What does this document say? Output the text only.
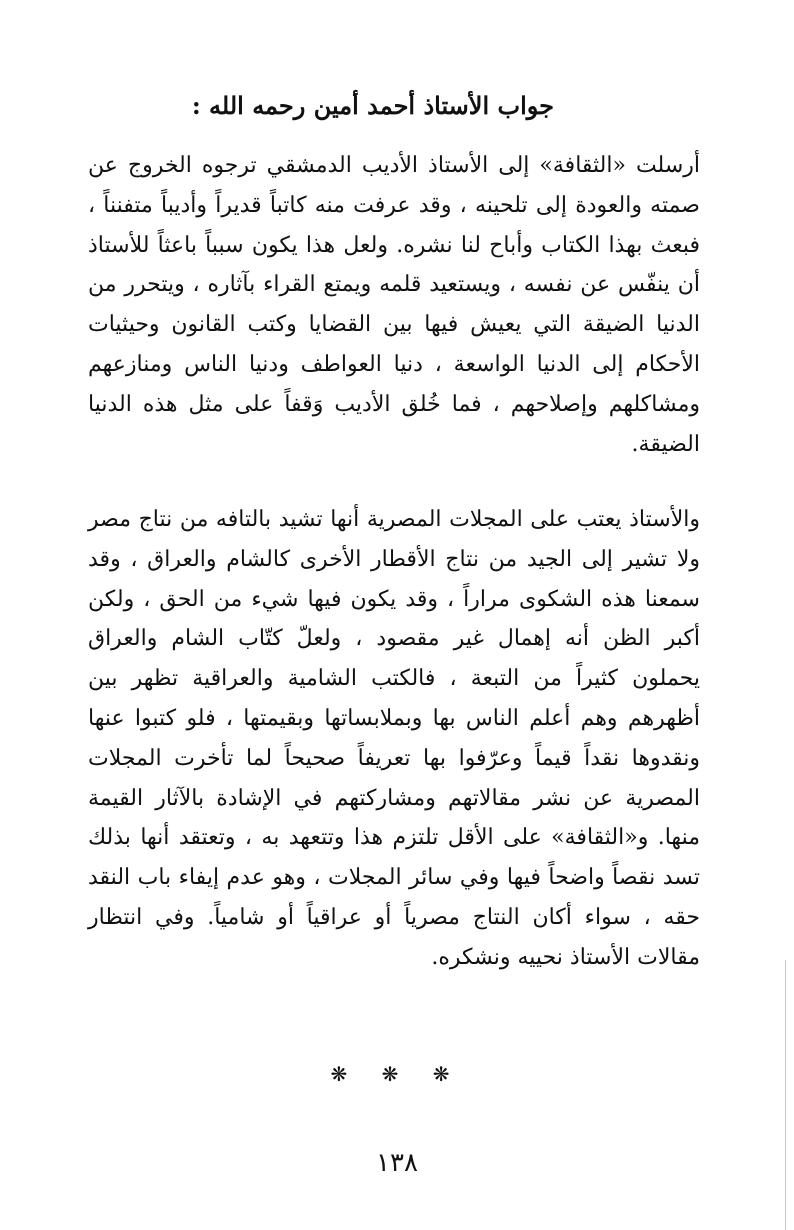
جواب الأستاذ أحمد أمين رحمه الله :

أرسلت «الثقافة» إلى الأستاذ الأديب الدمشقي ترجوه الخروج عن صمته والعودة إلى تلحينه ، وقد عرفت منه كاتباً قديراً وأديباً متفنناً ، فبعث بهذا الكتاب وأباح لنا نشره. ولعل هذا يكون سبباً باعثاً للأستاذ أن ينفّس عن نفسه ، ويستعيد قلمه ويمتع القراء بآثاره ، ويتحرر من الدنيا الضيقة التي يعيش فيها بين القضايا وكتب القانون وحيثيات الأحكام إلى الدنيا الواسعة ، دنيا العواطف ودنيا الناس ومنازعهم ومشاكلهم وإصلاحهم ، فما خُلق الأديب وَقفاً على مثل هذه الدنيا الضيقة.

والأستاذ يعتب على المجلات المصرية أنها تشيد بالتافه من نتاج مصر ولا تشير إلى الجيد من نتاج الأقطار الأخرى كالشام والعراق ، وقد سمعنا هذه الشكوى مراراً ، وقد يكون فيها شيء من الحق ، ولكن أكبر الظن أنه إهمال غير مقصود ، ولعلّ كتّاب الشام والعراق يحملون كثيراً من التبعة ، فالكتب الشامية والعراقية تظهر بين أظهرهم وهم أعلم الناس بها وبملابساتها وبقيمتها ، فلو كتبوا عنها ونقدوها نقداً قيماً وعرّفوا بها تعريفاً صحيحاً لما تأخرت المجلات المصرية عن نشر مقالاتهم ومشاركتهم في الإشادة بالآثار القيمة منها. و«الثقافة» على الأقل تلتزم هذا وتتعهد به ، وتعتقد أنها بذلك تسد نقصاً واضحاً فيها وفي سائر المجلات ، وهو عدم إيفاء باب النقد حقه ، سواء أكان النتاج مصرياً أو عراقياً أو شامياً. وفي انتظار مقالات الأستاذ نحييه ونشكره.

❋ ❋ ❋
١٣٨
